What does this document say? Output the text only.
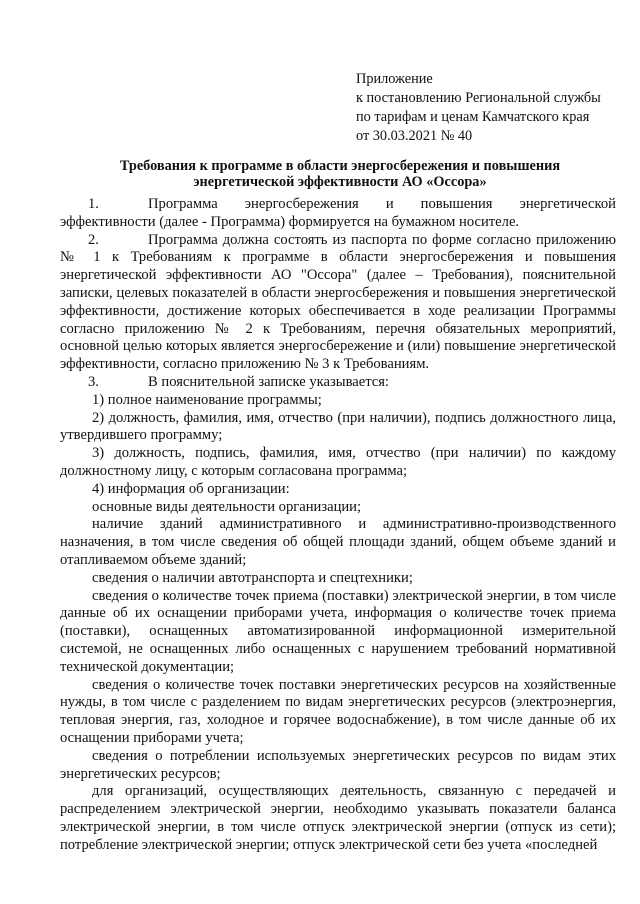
Приложение
к постановлению Региональной службы
по тарифам и ценам Камчатского края
от 30.03.2021 № 40
Требования к программе в области энергосбережения и повышения
энергетической эффективности АО «Оссора»

1.	Программа энергосбережения и повышения энергетической эффективности (далее - Программа) формируется на бумажном носителе.

2.	Программа должна состоять из паспорта по форме согласно приложению № 1 к Требованиям к программе в области энергосбережения и повышения энергетической эффективности АО "Оссора" (далее – Требования), пояснительной записки, целевых показателей в области энергосбережения и повышения энергетической эффективности, достижение которых обеспечивается в ходе реализации Программы согласно приложению № 2 к Требованиям, перечня обязательных мероприятий, основной целью которых является энергосбережение и (или) повышение энергетической эффективности, согласно приложению № 3 к Требованиям.

3.	В пояснительной записке указывается:

1) полное наименование программы;

2) должность, фамилия, имя, отчество (при наличии), подпись должностного лица, утвердившего программу;

3) должность, подпись, фамилия, имя, отчество (при наличии) по каждому должностному лицу, с которым согласована программа;

4) информация об организации:

основные виды деятельности организации;

наличие зданий административного и административно-производственного назначения, в том числе сведения об общей площади зданий, общем объеме зданий и отапливаемом объеме зданий;

сведения о наличии автотранспорта и спецтехники;

сведения о количестве точек приема (поставки) электрической энергии, в том числе данные об их оснащении приборами учета, информация о количестве точек приема (поставки), оснащенных автоматизированной информационной измерительной системой, не оснащенных либо оснащенных с нарушением требований нормативной технической документации;

сведения о количестве точек поставки энергетических ресурсов на хозяйственные нужды, в том числе с разделением по видам энергетических ресурсов (электроэнергия, тепловая энергия, газ, холодное и горячее водоснабжение), в том числе данные об их оснащении приборами учета;

сведения о потреблении используемых энергетических ресурсов по видам этих энергетических ресурсов;

для организаций, осуществляющих деятельность, связанную с передачей и распределением электрической энергии, необходимо указывать показатели баланса электрической энергии, в том числе отпуск электрической энергии (отпуск из сети); потребление электрической энергии; отпуск электрической сети без учета «последней
